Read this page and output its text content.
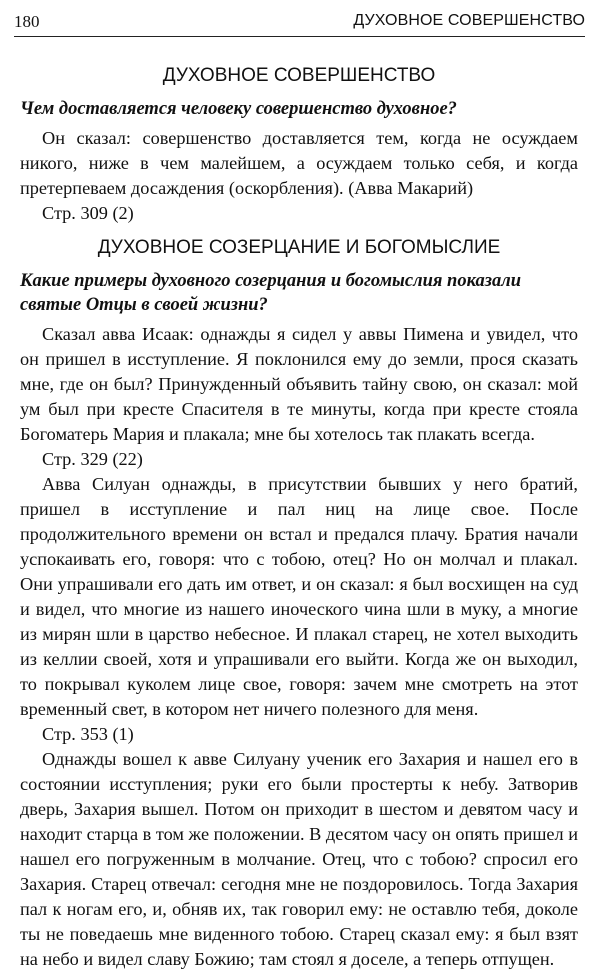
180	ДУХОВНОЕ СОВЕРШЕНСТВО
ДУХОВНОЕ СОВЕРШЕНСТВО
Чем доставляется человеку совершенство духовное?

Он сказал: совершенство доставляется тем, когда не осуждаем никого, ниже в чем малейшем, а осуждаем только себя, и когда претерпеваем досаждения (оскорбления). (Авва Макарий)

Стр. 309 (2)

ДУХОВНОЕ СОЗЕРЦАНИЕ И БОГОМЫСЛИЕ
Какие примеры духовного созерцания и богомыслия показали святые Отцы в своей жизни?

Сказал авва Исаак: однажды я сидел у аввы Пимена и увидел, что он пришел в исступление. Я поклонился ему до земли, прося сказать мне, где он был? Принужденный объявить тайну свою, он сказал: мой ум был при кресте Спасителя в те минуты, когда при кресте стояла Богоматерь Мария и плакала; мне бы хотелось так плакать всегда.

Стр. 329 (22)

Авва Силуан однажды, в присутствии бывших у него братий, пришел в исступление и пал ниц на лице свое. После продолжительного времени он встал и предался плачу. Братия начали успокаивать его, говоря: что с тобою, отец? Но он молчал и плакал. Они упрашивали его дать им ответ, и он сказал: я был восхищен на суд и видел, что многие из нашего иноческого чина шли в муку, а многие из мирян шли в царство небесное. И плакал старец, не хотел выходить из келлии своей, хотя и упрашивали его выйти. Когда же он выходил, то покрывал куколем лице свое, говоря: зачем мне смотреть на этот временный свет, в котором нет ничего полезного для меня.

Стр. 353 (1)

Однажды вошел к авве Силуану ученик его Захария и нашел его в состоянии исступления; руки его были простерты к небу. Затворив дверь, Захария вышел. Потом он приходит в шестом и девятом часу и находит старца в том же положении. В десятом часу он опять пришел и нашел его погруженным в молчание. Отец, что с тобою? спросил его Захария. Старец отвечал: сегодня мне не поздоровилось. Тогда Захария пал к ногам его, и, обняв их, так говорил ему: не оставлю тебя, доколе ты не поведаешь мне виденного тобою. Старец сказал ему: я был взят на небо и видел славу Божию; там стоял я доселе, а теперь отпущен.
